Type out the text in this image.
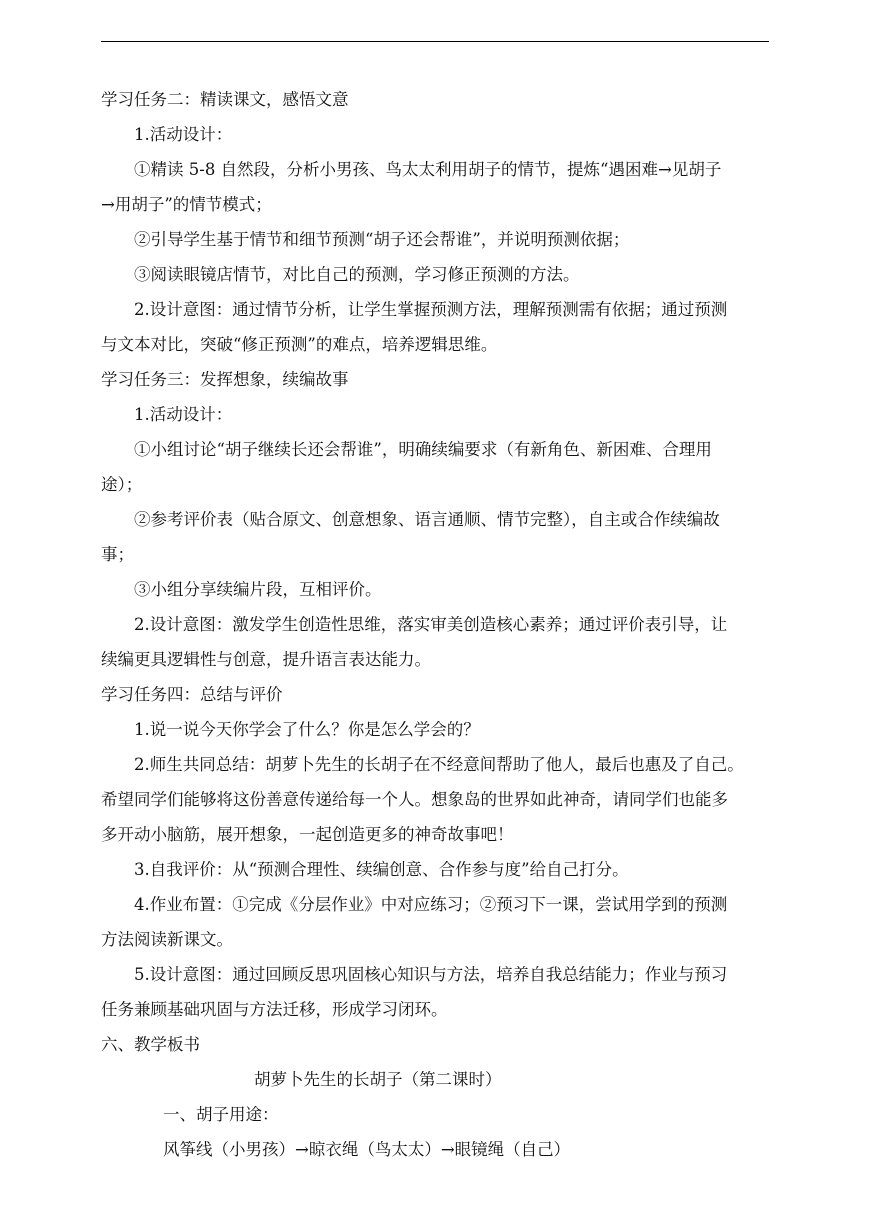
学习任务二：精读课文，感悟文意
1.活动设计：
①精读 5-8 自然段，分析小男孩、鸟太太利用胡子的情节，提炼“遇困难→见胡子
→用胡子”的情节模式；
②引导学生基于情节和细节预测“胡子还会帮谁”，并说明预测依据；
③阅读眼镜店情节，对比自己的预测，学习修正预测的方法。
2.设计意图：通过情节分析，让学生掌握预测方法，理解预测需有依据；通过预测
与文本对比，突破“修正预测”的难点，培养逻辑思维。
学习任务三：发挥想象，续编故事
1.活动设计：
①小组讨论“胡子继续长还会帮谁”，明确续编要求（有新角色、新困难、合理用
途）；
②参考评价表（贴合原文、创意想象、语言通顺、情节完整），自主或合作续编故
事；
③小组分享续编片段，互相评价。
2.设计意图：激发学生创造性思维，落实审美创造核心素养；通过评价表引导，让
续编更具逻辑性与创意，提升语言表达能力。
学习任务四：总结与评价
1.说一说今天你学会了什么？你是怎么学会的？
2.师生共同总结：胡萝卜先生的长胡子在不经意间帮助了他人，最后也惠及了自己。
希望同学们能够将这份善意传递给每一个人。想象岛的世界如此神奇，请同学们也能多
多开动小脑筋，展开想象，一起创造更多的神奇故事吧！
3.自我评价：从“预测合理性、续编创意、合作参与度”给自己打分。
4.作业布置：①完成《分层作业》中对应练习；②预习下一课，尝试用学到的预测
方法阅读新课文。
5.设计意图：通过回顾反思巩固核心知识与方法，培养自我总结能力；作业与预习
任务兼顾基础巩固与方法迁移，形成学习闭环。
六、教学板书
胡萝卜先生的长胡子（第二课时）
一、胡子用途：
风筝线（小男孩）→晾衣绳（鸟太太）→眼镜绳（自己）
